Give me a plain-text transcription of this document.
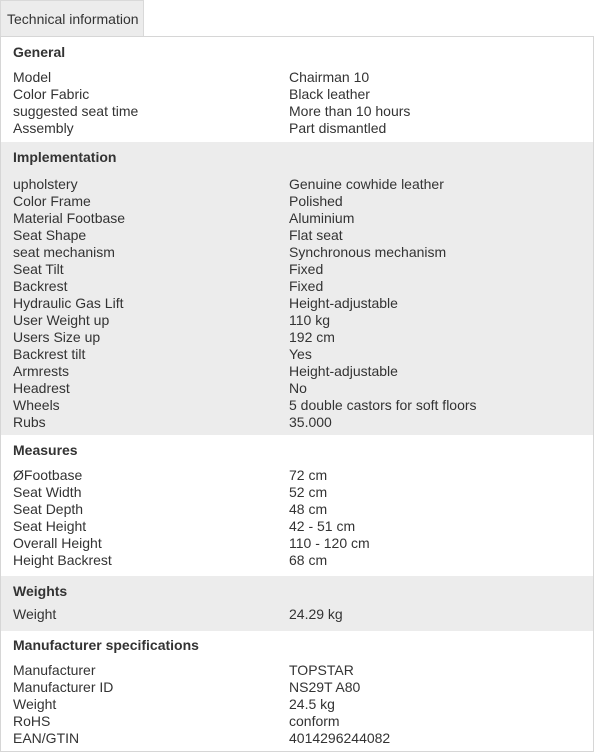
Technical information
General
Model	Chairman 10
Color Fabric	Black leather
suggested seat time	More than 10 hours
Assembly	Part dismantled
Implementation
upholstery	Genuine cowhide leather
Color Frame	Polished
Material Footbase	Aluminium
Seat Shape	Flat seat
seat mechanism	Synchronous mechanism
Seat Tilt	Fixed
Backrest	Fixed
Hydraulic Gas Lift	Height-adjustable
User Weight up	110 kg
Users Size up	192 cm
Backrest tilt	Yes
Armrests	Height-adjustable
Headrest	No
Wheels	5 double castors for soft floors
Rubs	35.000
Measures
ØFootbase	72 cm
Seat Width	52 cm
Seat Depth	48 cm
Seat Height	42 - 51 cm
Overall Height	110 - 120 cm
Height Backrest	68 cm
Weights
Weight	24.29 kg
Manufacturer specifications
Manufacturer	TOPSTAR
Manufacturer ID	NS29T A80
Weight	24.5 kg
RoHS	conform
EAN/GTIN	4014296244082
